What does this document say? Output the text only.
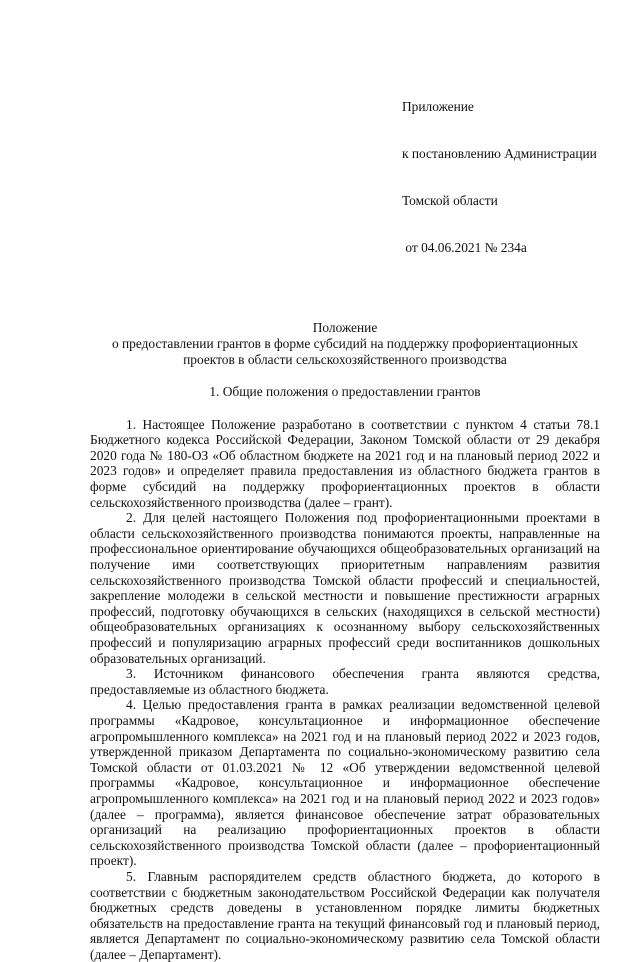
Приложение

к постановлению Администрации

Томской области

от 04.06.2021 № 234а

Положение
о предоставлении грантов в форме субсидий на поддержку профориентационных
проектов в области сельскохозяйственного производства
1. Общие положения о предоставлении грантов

1. Настоящее Положение разработано в соответствии с пунктом 4 статьи 78.1 Бюджетного кодекса Российской Федерации, Законом Томской области от 29 декабря 2020 года № 180-ОЗ «Об областном бюджете на 2021 год и на плановый период 2022 и 2023 годов» и определяет правила предоставления из областного бюджета грантов в форме субсидий на поддержку профориентационных проектов в области сельскохозяйственного производства (далее – грант).

2. Для целей настоящего Положения под профориентационными проектами в области сельскохозяйственного производства понимаются проекты, направленные на профессиональное ориентирование обучающихся общеобразовательных организаций на получение ими соответствующих приоритетным направлениям развития сельскохозяйственного производства Томской области профессий и специальностей, закрепление молодежи в сельской местности и повышение престижности аграрных профессий, подготовку обучающихся в сельских (находящихся в сельской местности) общеобразовательных организациях к осознанному выбору сельскохозяйственных профессий и популяризацию аграрных профессий среди воспитанников дошкольных образовательных организаций.

3. Источником финансового обеспечения гранта являются средства, предоставляемые из областного бюджета.

4. Целью предоставления гранта в рамках реализации ведомственной целевой программы «Кадровое, консультационное и информационное обеспечение агропромышленного комплекса» на 2021 год и на плановый период 2022 и 2023 годов, утвержденной приказом Департамента по социально-экономическому развитию села Томской области от 01.03.2021 № 12 «Об утверждении ведомственной целевой программы «Кадровое, консультационное и информационное обеспечение агропромышленного комплекса» на 2021 год и на плановый период 2022 и 2023 годов» (далее – программа), является финансовое обеспечение затрат образовательных организаций на реализацию профориентационных проектов в области сельскохозяйственного производства Томской области (далее – профориентационный проект).

5. Главным распорядителем средств областного бюджета, до которого в соответствии с бюджетным законодательством Российской Федерации как получателя бюджетных средств доведены в установленном порядке лимиты бюджетных обязательств на предоставление гранта на текущий финансовый год и плановый период, является Департамент по социально-экономическому развитию села Томской области (далее – Департамент).
